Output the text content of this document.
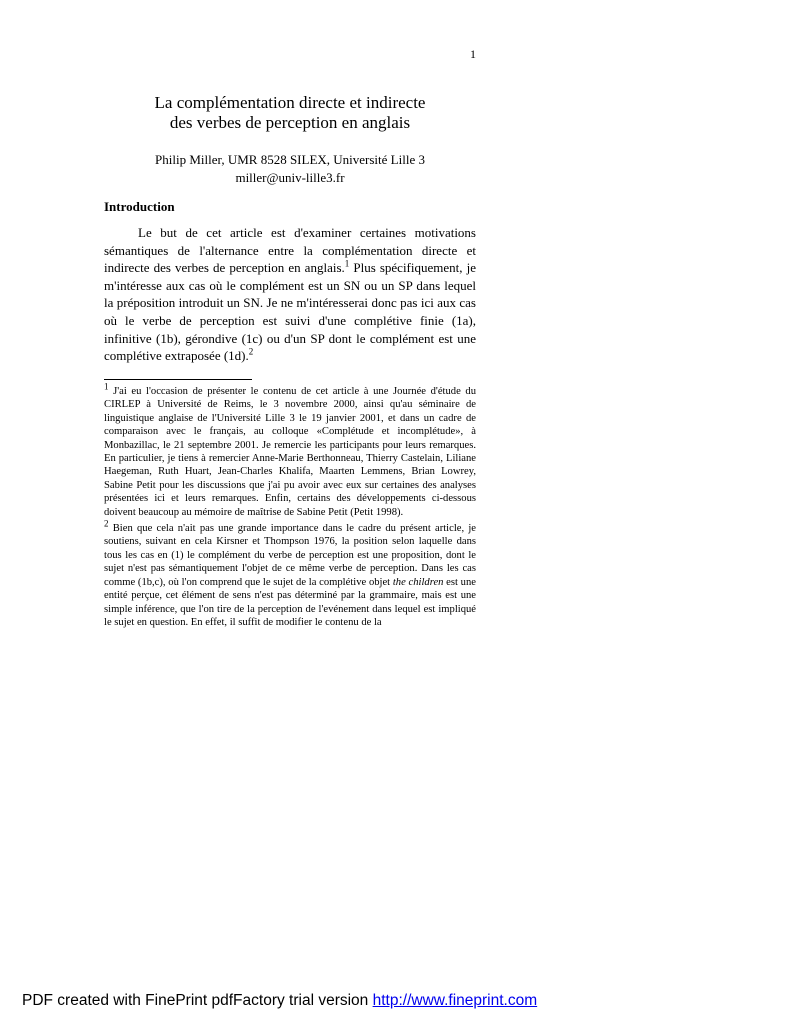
1
La complémentation directe et indirecte
des verbes de perception en anglais
Philip Miller, UMR 8528 SILEX, Université Lille 3
miller@univ-lille3.fr
Introduction

Le but de cet article est d'examiner certaines motivations sémantiques de l'alternance entre la complémentation directe et indirecte des verbes de perception en anglais.$^1$ Plus spécifiquement, je m'intéresse aux cas où le complément est un SN ou un SP dans lequel la préposition introduit un SN. Je ne m'intéresserai donc pas ici aux cas où le verbe de perception est suivi d'une complétive finie (1a), infinitive (1b), gérondive (1c) ou d'un SP dont le complément est une complétive extraposée (1d).$^2$

$^1$ J'ai eu l'occasion de présenter le contenu de cet article à une Journée d'étude du CIRLEP à Université de Reims, le 3 novembre 2000, ainsi qu'au séminaire de linguistique anglaise de l'Université Lille 3 le 19 janvier 2001, et dans un cadre de comparaison avec le français, au colloque «Complétude et incomplétude», à Monbazillac, le 21 septembre 2001. Je remercie les participants pour leurs remarques. En particulier, je tiens à remercier Anne-Marie Berthonneau, Thierry Castelain, Liliane Haegeman, Ruth Huart, Jean-Charles Khalifa, Maarten Lemmens, Brian Lowrey, Sabine Petit pour les discussions que j'ai pu avoir avec eux sur certaines des analyses présentées ici et leurs remarques. Enfin, certains des développements ci-dessous doivent beaucoup au mémoire de maîtrise de Sabine Petit (Petit 1998).

$^2$ Bien que cela n'ait pas une grande importance dans le cadre du présent article, je soutiens, suivant en cela Kirsner et Thompson 1976, la position selon laquelle dans tous les cas en (1) le complément du verbe de perception est une proposition, dont le sujet n'est pas sémantiquement l'objet de ce même verbe de perception. Dans les cas comme (1b,c), où l'on comprend que le sujet de la complétive objet the children est une entité perçue, cet élément de sens n'est pas déterminé par la grammaire, mais est une simple inférence, que l'on tire de la perception de l'evénement dans lequel est impliqué le sujet en question. En effet, il suffit de modifier le contenu de la

PDF created with FinePrint pdfFactory trial version http://www.fineprint.com
